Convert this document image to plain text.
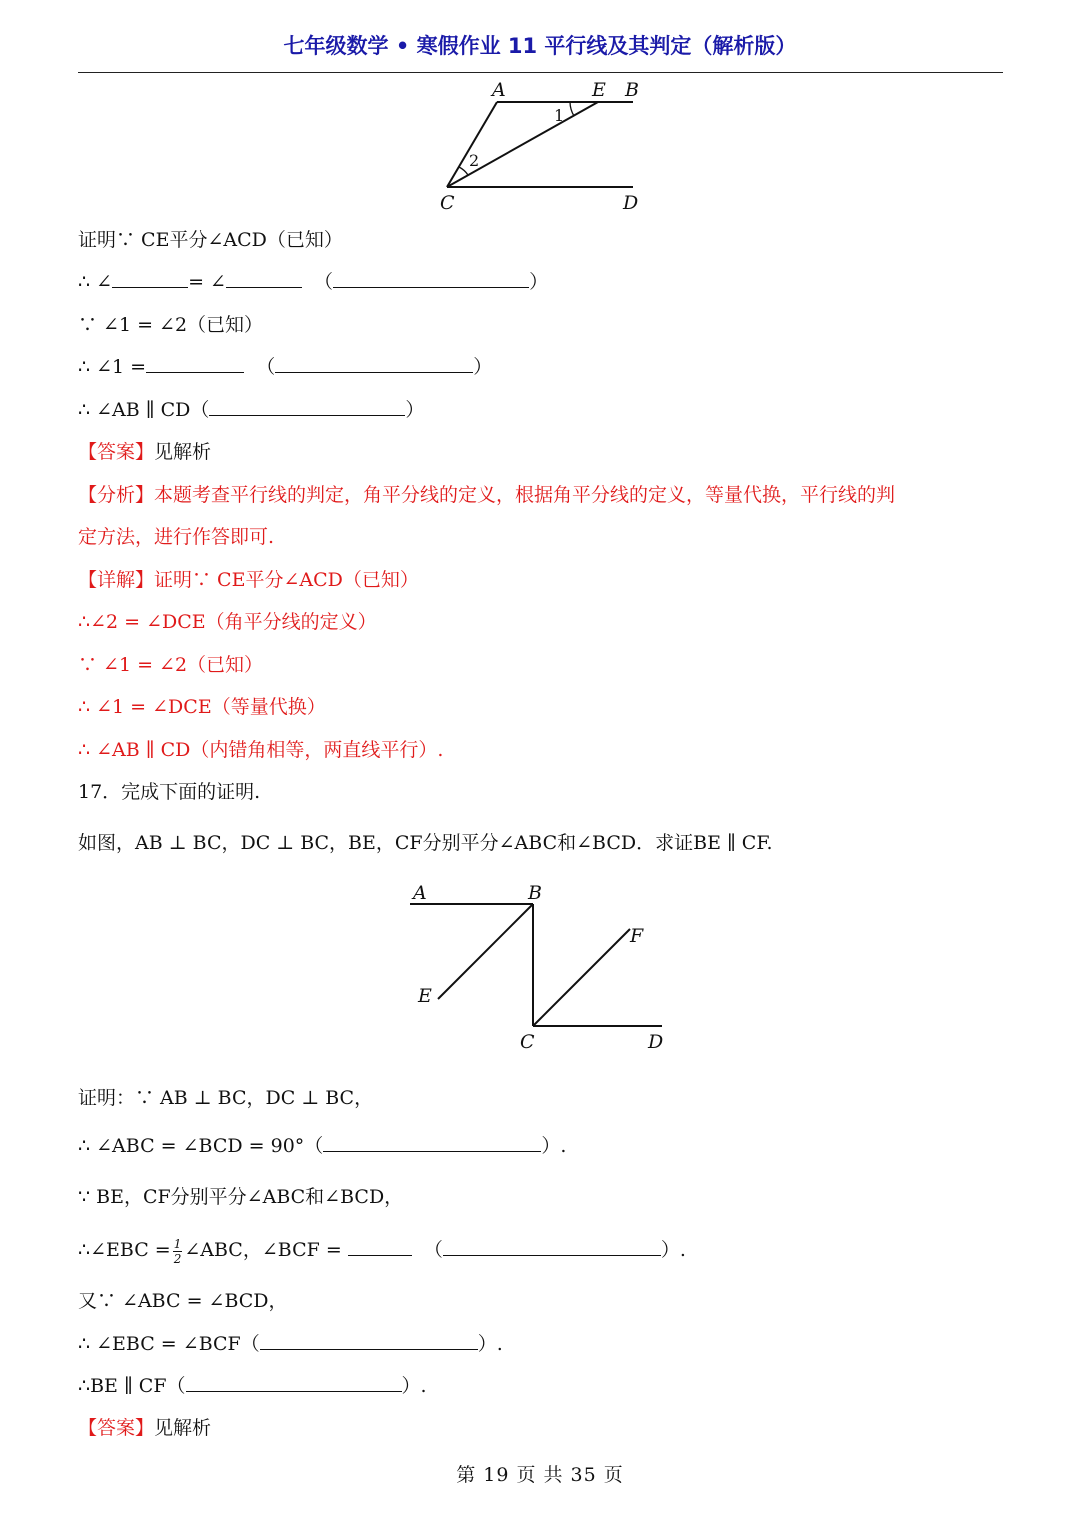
七年级数学 • 寒假作业 11 平行线及其判定（解析版）
A	E B
C	D
1
2
证明∵ CE平分∠ACD（已知）
∴ ∠	= ∠	（	）
∵ ∠1 = ∠2（已知）
∴ ∠1 =	（	）
∴ ∠AB ∥ CD（	）
【答案】见解析
【分析】本题考查平行线的判定，角平分线的定义，根据角平分线的定义，等量代换，平行线的判
定方法，进行作答即可.
【详解】证明∵ CE平分∠ACD（已知）
∴∠2 = ∠DCE（角平分线的定义）
∵ ∠1 = ∠2（已知）
∴ ∠1 = ∠DCE（等量代换）
∴ ∠AB ∥ CD（内错角相等，两直线平行）.
17．完成下面的证明.
如图，AB ⊥ BC，DC ⊥ BC，BE，CF分别平分∠ABC和∠BCD．求证BE ∥ CF.
A	B
F
E
C	D
证明：∵ AB ⊥ BC，DC ⊥ BC，
∴ ∠ABC = ∠BCD = 90°（	）.
∵ BE，CF分别平分∠ABC和∠BCD，
∴∠EBC = $\frac{1}{2}$ ∠ABC，∠BCF =	（	）.
又∵ ∠ABC = ∠BCD，
∴ ∠EBC = ∠BCF（	）.
∴BE ∥ CF（	）.
【答案】见解析
第 19 页 共 35 页
